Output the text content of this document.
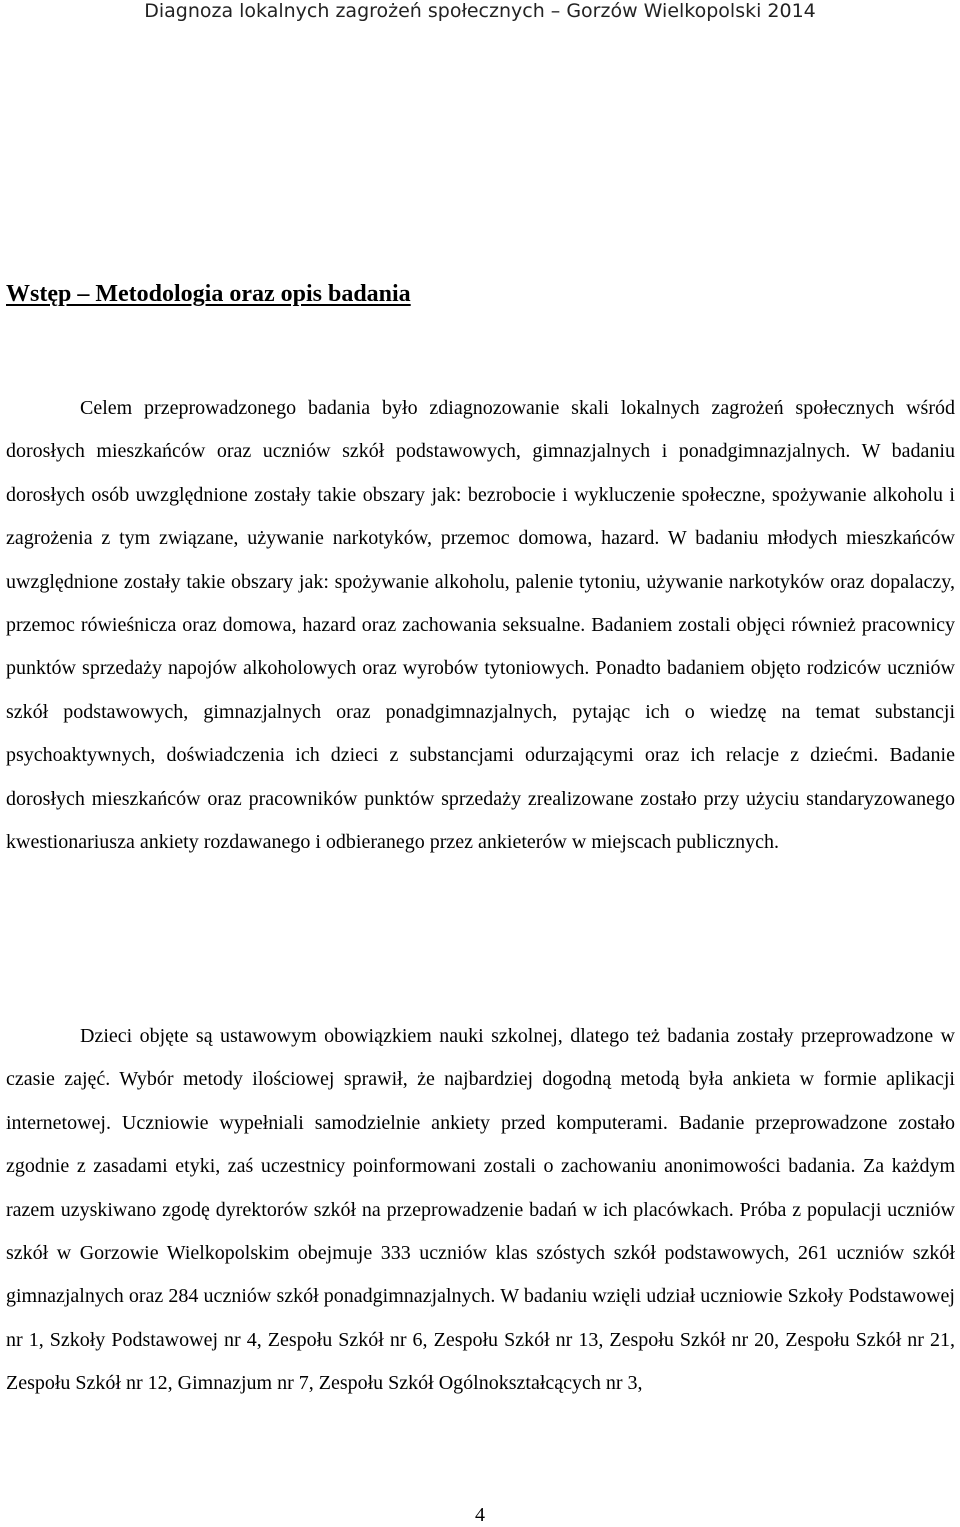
Diagnoza lokalnych zagrożeń społecznych – Gorzów Wielkopolski 2014
Wstęp – Metodologia oraz opis badania

Celem przeprowadzonego badania było zdiagnozowanie skali lokalnych zagrożeń społecznych wśród dorosłych mieszkańców oraz uczniów szkół podstawowych, gimnazjalnych i ponadgimnazjalnych. W badaniu dorosłych osób uwzględnione zostały takie obszary jak: bezrobocie i wykluczenie społeczne, spożywanie alkoholu i zagrożenia z tym związane, używanie narkotyków, przemoc domowa, hazard. W badaniu młodych mieszkańców uwzględnione zostały takie obszary jak: spożywanie alkoholu, palenie tytoniu, używanie narkotyków oraz dopalaczy, przemoc rówieśnicza oraz domowa, hazard oraz zachowania seksualne. Badaniem zostali objęci również pracownicy punktów sprzedaży napojów alkoholowych oraz wyrobów tytoniowych. Ponadto badaniem objęto rodziców uczniów szkół podstawowych, gimnazjalnych oraz ponadgimnazjalnych, pytając ich o wiedzę na temat substancji psychoaktywnych, doświadczenia ich dzieci z substancjami odurzającymi oraz ich relacje z dziećmi. Badanie dorosłych mieszkańców oraz pracowników punktów sprzedaży zrealizowane zostało przy użyciu standaryzowanego kwestionariusza ankiety rozdawanego i odbieranego przez ankieterów w miejscach publicznych.

Dzieci objęte są ustawowym obowiązkiem nauki szkolnej, dlatego też badania zostały przeprowadzone w czasie zajęć. Wybór metody ilościowej sprawił, że najbardziej dogodną metodą była ankieta w formie aplikacji internetowej. Uczniowie wypełniali samodzielnie ankiety przed komputerami. Badanie przeprowadzone zostało zgodnie z zasadami etyki, zaś uczestnicy poinformowani zostali o zachowaniu anonimowości badania. Za każdym razem uzyskiwano zgodę dyrektorów szkół na przeprowadzenie badań w ich placówkach. Próba z populacji uczniów szkół w Gorzowie Wielkopolskim obejmuje 333 uczniów klas szóstych szkół podstawowych, 261 uczniów szkół gimnazjalnych oraz 284 uczniów szkół ponadgimnazjalnych. W badaniu wzięli udział uczniowie Szkoły Podstawowej nr 1, Szkoły Podstawowej nr 4, Zespołu Szkół nr 6, Zespołu Szkół nr 13, Zespołu Szkół nr 20, Zespołu Szkół nr 21, Zespołu Szkół nr 12, Gimnazjum nr 7, Zespołu Szkół Ogólnokształcących nr 3,

4
